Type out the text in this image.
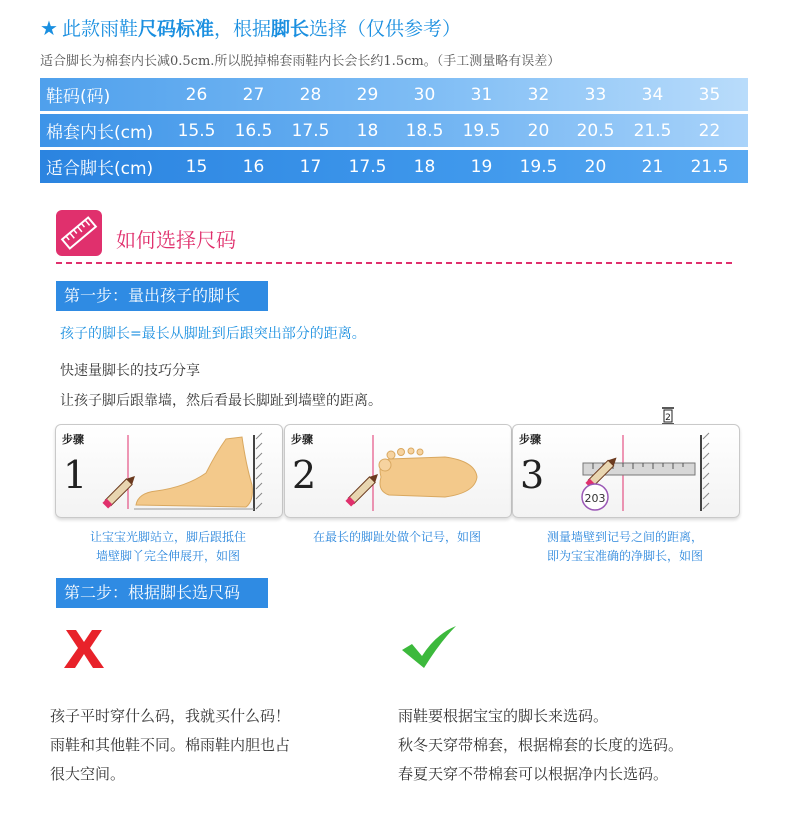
★ 此款雨鞋尺码标准，根据脚长选择（仅供参考）
适合脚长为棉套内长减0.5cm.所以脱掉棉套雨鞋内长会长约1.5cm。（手工测量略有误差）
鞋码(码)	26	27	28	29	30	31	32	33	34	35
棉套内长(cm)	15.5	16.5	17.5	18	18.5	19.5	20	20.5	21.5	22
适合脚长(cm)	15	16	17	17.5	18	19	19.5	20	21	21.5
如何选择尺码
第一步：量出孩子的脚长
孩子的脚长=最长从脚趾到后跟突出部分的距离。
快速量脚长的技巧分享
让孩子脚后跟靠墙，然后看最长脚趾到墙壁的距离。
2
步骤
1
步骤
2
203
步骤
3
让宝宝光脚站立，脚后跟抵住
墙壁脚丫完全伸展开，如图
在最长的脚趾处做个记号，如图	测量墙壁到记号之间的距离，
即为宝宝准确的净脚长，如图
第二步：根据脚长选尺码
孩子平时穿什么码，我就买什么码！
雨鞋和其他鞋不同。棉雨鞋内胆也占
很大空间。
雨鞋要根据宝宝的脚长来选码。
秋冬天穿带棉套，根据棉套的长度的选码。
春夏天穿不带棉套可以根据净内长选码。
